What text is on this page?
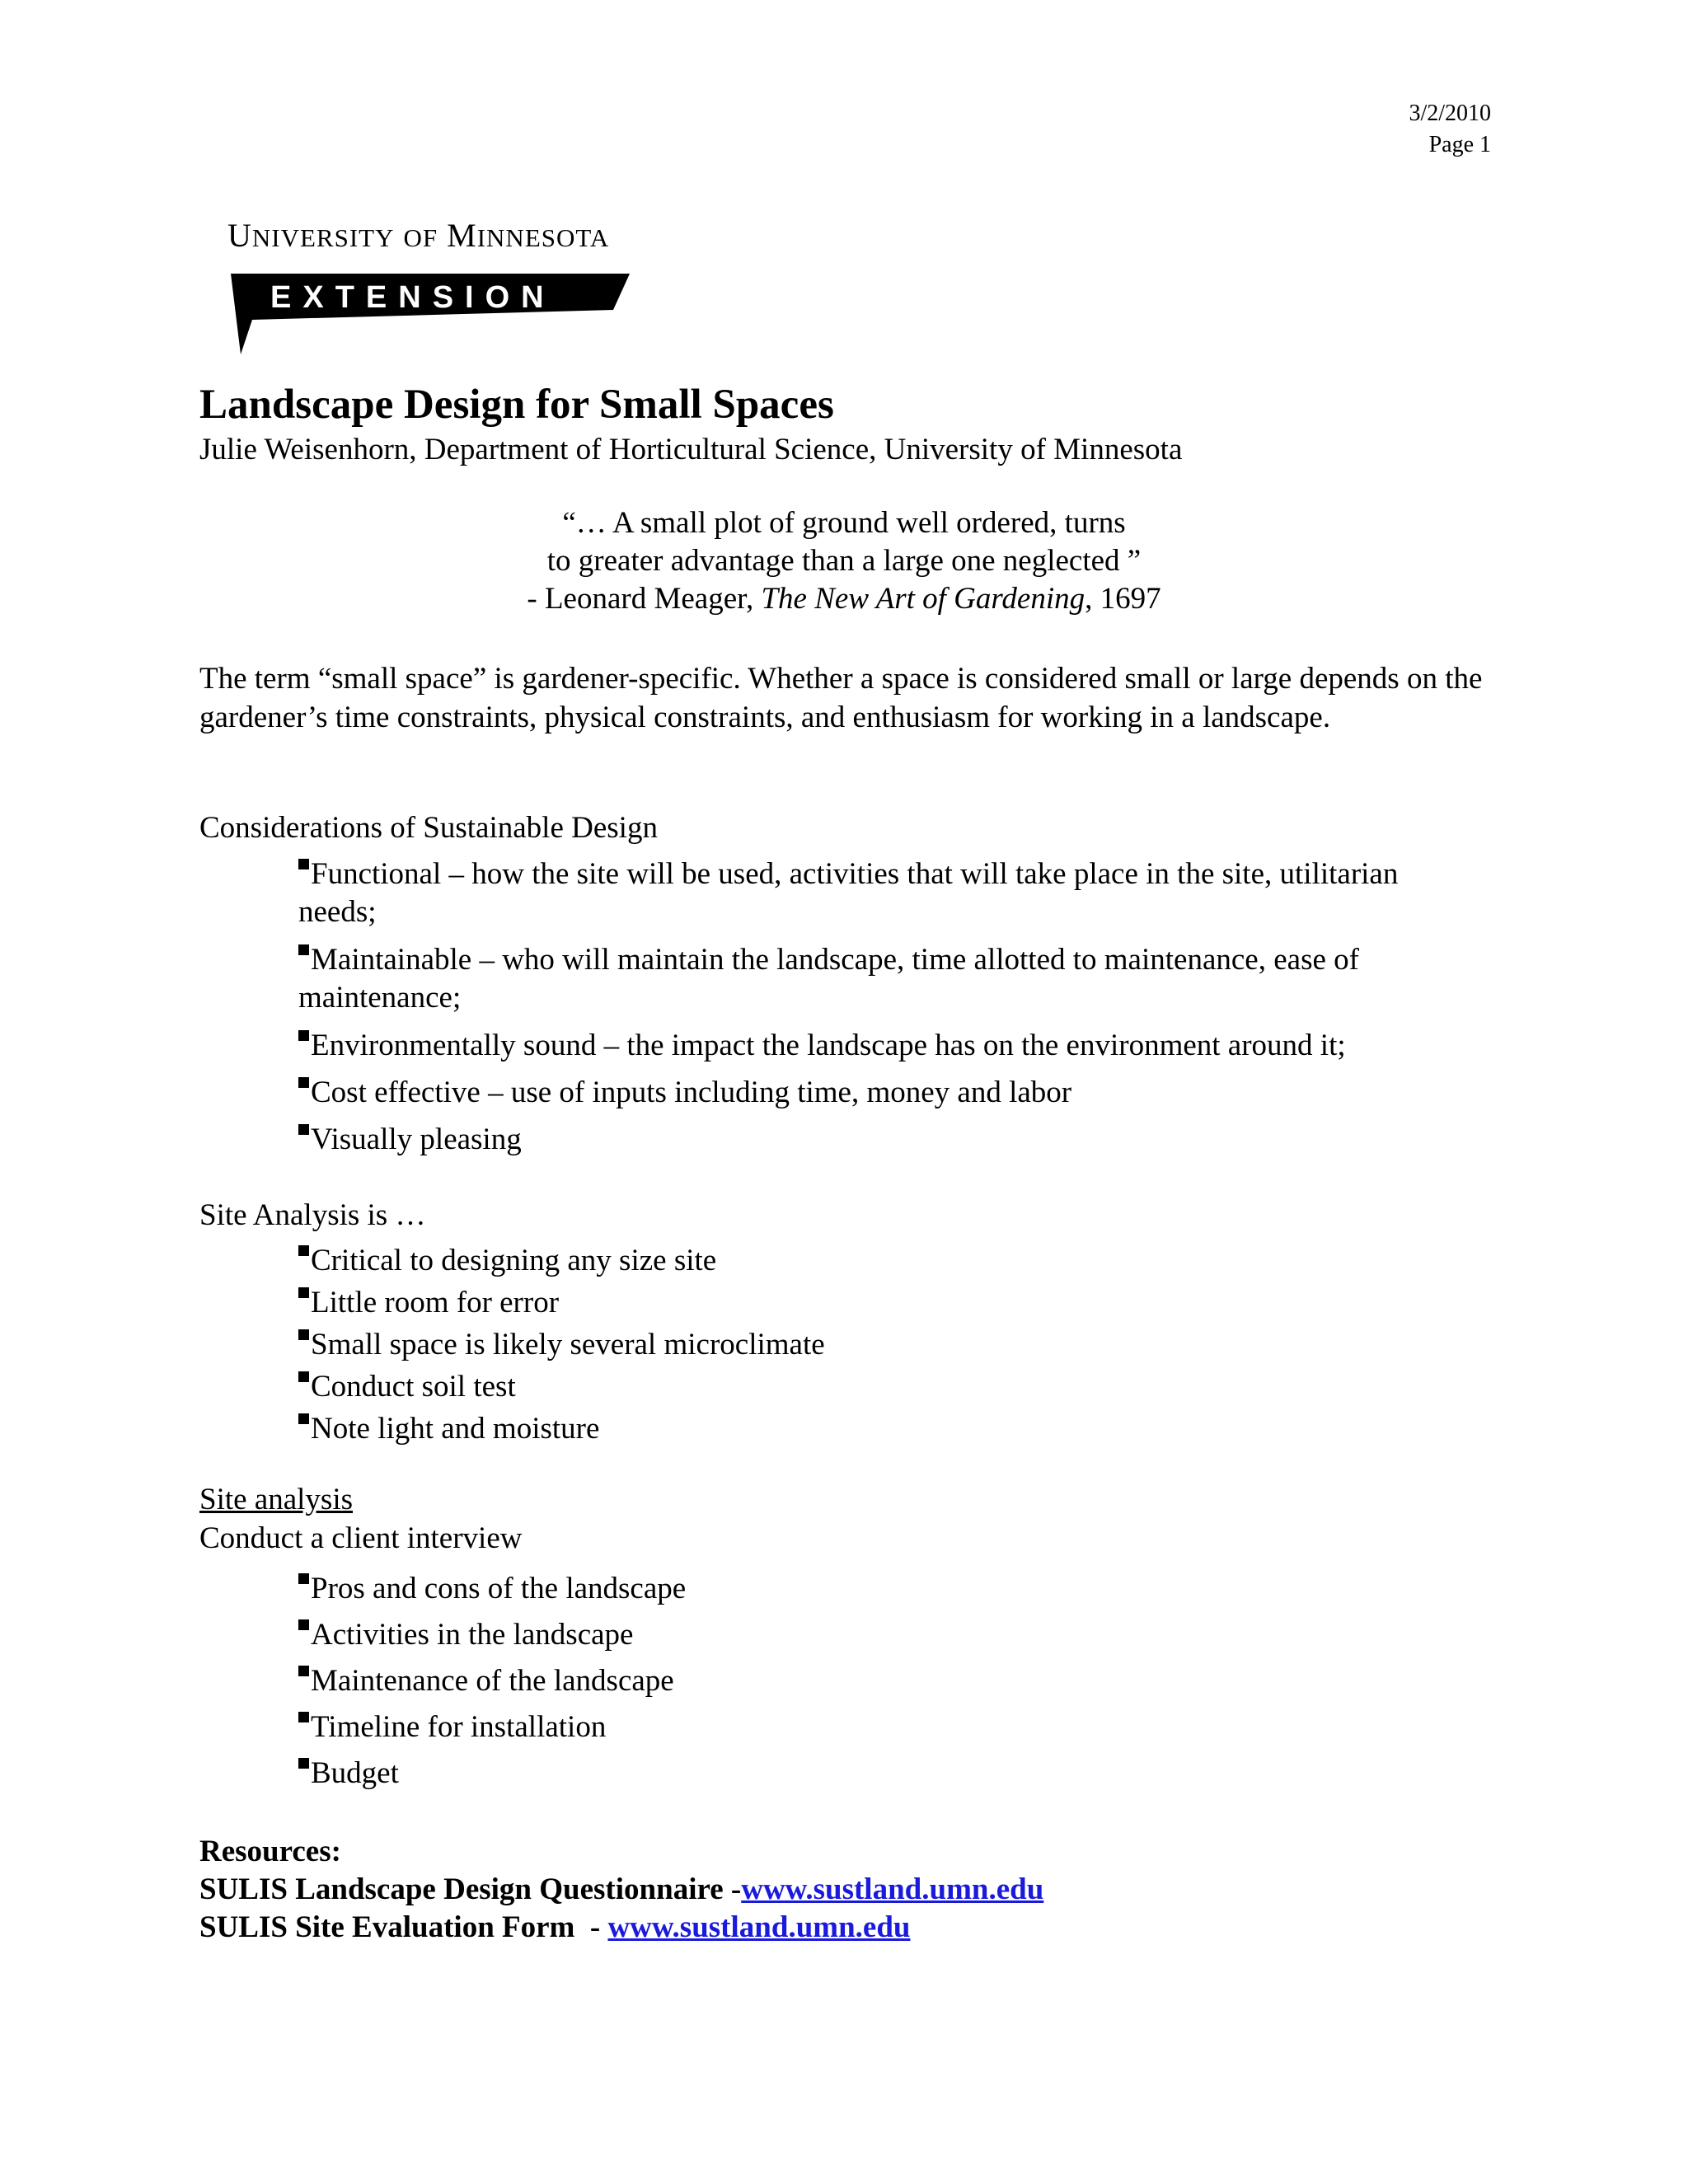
3/2/2010
Page 1
UNIVERSITY OF MINNESOTA
EXTENSION
Landscape Design for Small Spaces
Julie Weisenhorn, Department of Horticultural Science, University of Minnesota
“… A small plot of ground well ordered, turns
to greater advantage than a large one neglected ”
- Leonard Meager, The New Art of Gardening, 1697
The term “small space” is gardener-specific. Whether a space is considered small or large depends on the gardener’s time constraints, physical constraints, and enthusiasm for working in a landscape.
Considerations of Sustainable Design
Functional – how the site will be used, activities that will take place in the site, utilitarian needs;
Maintainable – who will maintain the landscape, time allotted to maintenance, ease of maintenance;
Environmentally sound – the impact the landscape has on the environment around it;
Cost effective – use of inputs including time, money and labor
Visually pleasing
Site Analysis is …
Critical to designing any size site
Little room for error
Small space is likely several microclimate
Conduct soil test
Note light and moisture
Site analysis
Conduct a client interview
Pros and cons of the landscape
Activities in the landscape
Maintenance of the landscape
Timeline for installation
Budget
Resources:
SULIS Landscape Design Questionnaire -www.sustland.umn.edu
SULIS Site Evaluation Form  - www.sustland.umn.edu
